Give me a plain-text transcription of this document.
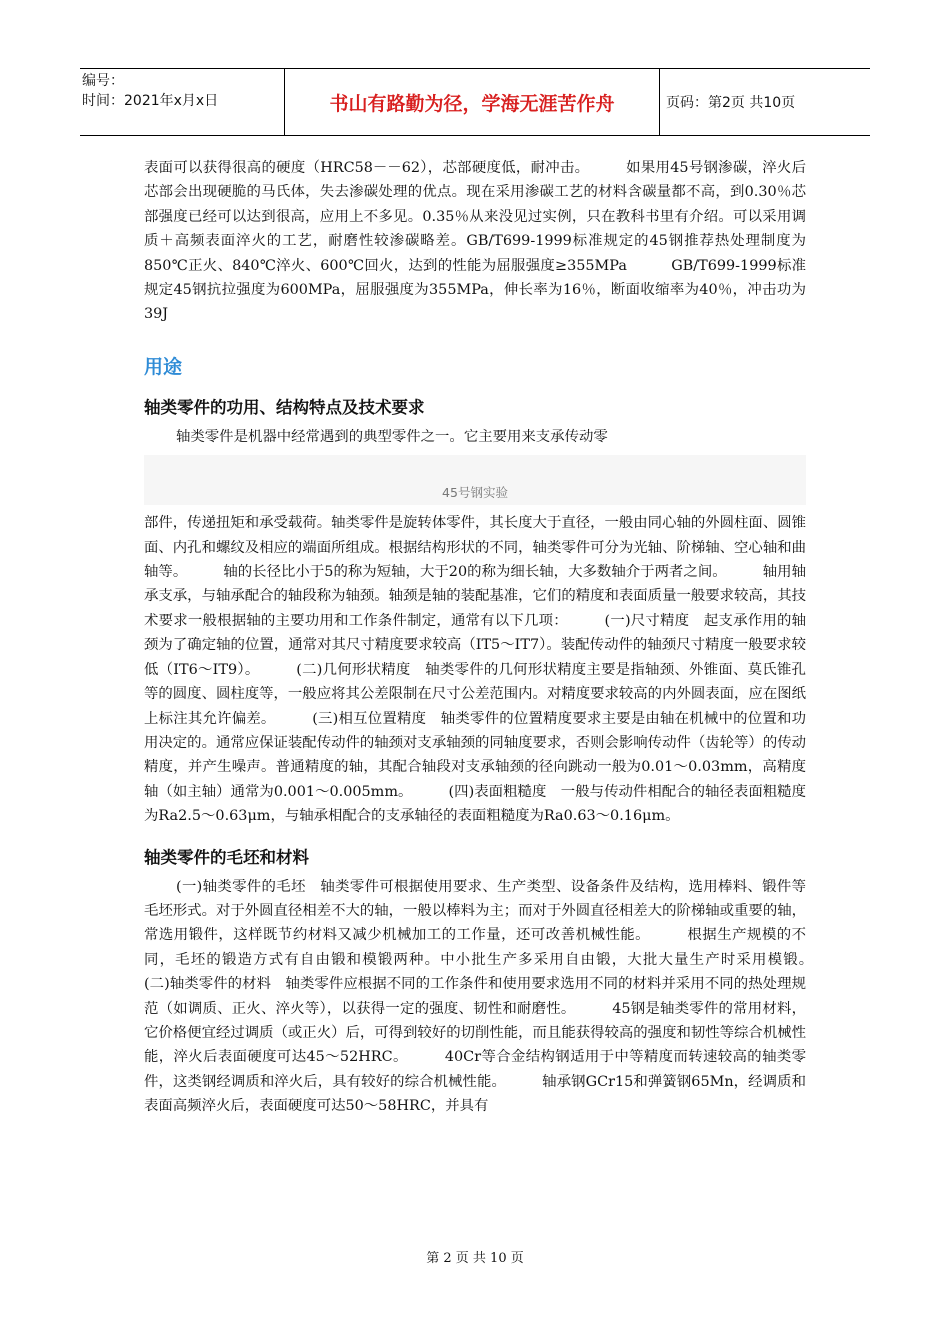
编号：
时间：2021年x月x日	书山有路勤为径，学海无涯苦作舟	页码：第2页 共10页

表面可以获得很高的硬度（HRC58－－62），芯部硬度低，耐冲击。　　　如果用45号钢渗碳，淬火后芯部会出现硬脆的马氏体，失去渗碳处理的优点。现在采用渗碳工艺的材料含碳量都不高，到0.30％芯部强度已经可以达到很高，应用上不多见。0.35％从来没见过实例，只在教科书里有介绍。可以采用调质＋高频表面淬火的工艺，耐磨性较渗碳略差。GB/T699-1999标准规定的45钢推荐热处理制度为850℃正火、840℃淬火、600℃回火，达到的性能为屈服强度≥355MPa　　　GB/T699-1999标准规定45钢抗拉强度为600MPa，屈服强度为355MPa，伸长率为16％，断面收缩率为40％，冲击功为39J

用途
轴类零件的功用、结构特点及技术要求

轴类零件是机器中经常遇到的典型零件之一。它主要用来支承传动零

45号钢实验

部件，传递扭矩和承受载荷。轴类零件是旋转体零件，其长度大于直径，一般由同心轴的外圆柱面、圆锥面、内孔和螺纹及相应的端面所组成。根据结构形状的不同，轴类零件可分为光轴、阶梯轴、空心轴和曲轴等。　　　轴的长径比小于5的称为短轴，大于20的称为细长轴，大多数轴介于两者之间。　　　轴用轴承支承，与轴承配合的轴段称为轴颈。轴颈是轴的装配基准，它们的精度和表面质量一般要求较高，其技术要求一般根据轴的主要功用和工作条件制定，通常有以下几项：　　　(一)尺寸精度　起支承作用的轴颈为了确定轴的位置，通常对其尺寸精度要求较高（IT5～IT7）。装配传动件的轴颈尺寸精度一般要求较低（IT6～IT9）。　　　(二)几何形状精度　轴类零件的几何形状精度主要是指轴颈、外锥面、莫氏锥孔等的圆度、圆柱度等，一般应将其公差限制在尺寸公差范围内。对精度要求较高的内外圆表面，应在图纸上标注其允许偏差。　　　(三)相互位置精度　轴类零件的位置精度要求主要是由轴在机械中的位置和功用决定的。通常应保证装配传动件的轴颈对支承轴颈的同轴度要求，否则会影响传动件（齿轮等）的传动精度，并产生噪声。普通精度的轴，其配合轴段对支承轴颈的径向跳动一般为0.01～0.03mm，高精度轴（如主轴）通常为0.001～0.005mm。　　　(四)表面粗糙度　一般与传动件相配合的轴径表面粗糙度为Ra2.5～0.63μm，与轴承相配合的支承轴径的表面粗糙度为Ra0.63～0.16μm。

轴类零件的毛坯和材料

(一)轴类零件的毛坯　轴类零件可根据使用要求、生产类型、设备条件及结构，选用棒料、锻件等毛坯形式。对于外圆直径相差不大的轴，一般以棒料为主；而对于外圆直径相差大的阶梯轴或重要的轴，常选用锻件，这样既节约材料又减少机械加工的工作量，还可改善机械性能。　　　根据生产规模的不同，毛坯的锻造方式有自由锻和模锻两种。中小批生产多采用自由锻，大批大量生产时采用模锻。　　　(二)轴类零件的材料　轴类零件应根据不同的工作条件和使用要求选用不同的材料并采用不同的热处理规范（如调质、正火、淬火等），以获得一定的强度、韧性和耐磨性。　　　45钢是轴类零件的常用材料，它价格便宜经过调质（或正火）后，可得到较好的切削性能，而且能获得较高的强度和韧性等综合机械性能，淬火后表面硬度可达45～52HRC。　　　40Cr等合金结构钢适用于中等精度而转速较高的轴类零件，这类钢经调质和淬火后，具有较好的综合机械性能。　　　轴承钢GCr15和弹簧钢65Mn，经调质和表面高频淬火后，表面硬度可达50～58HRC，并具有

第 2 页 共 10 页
